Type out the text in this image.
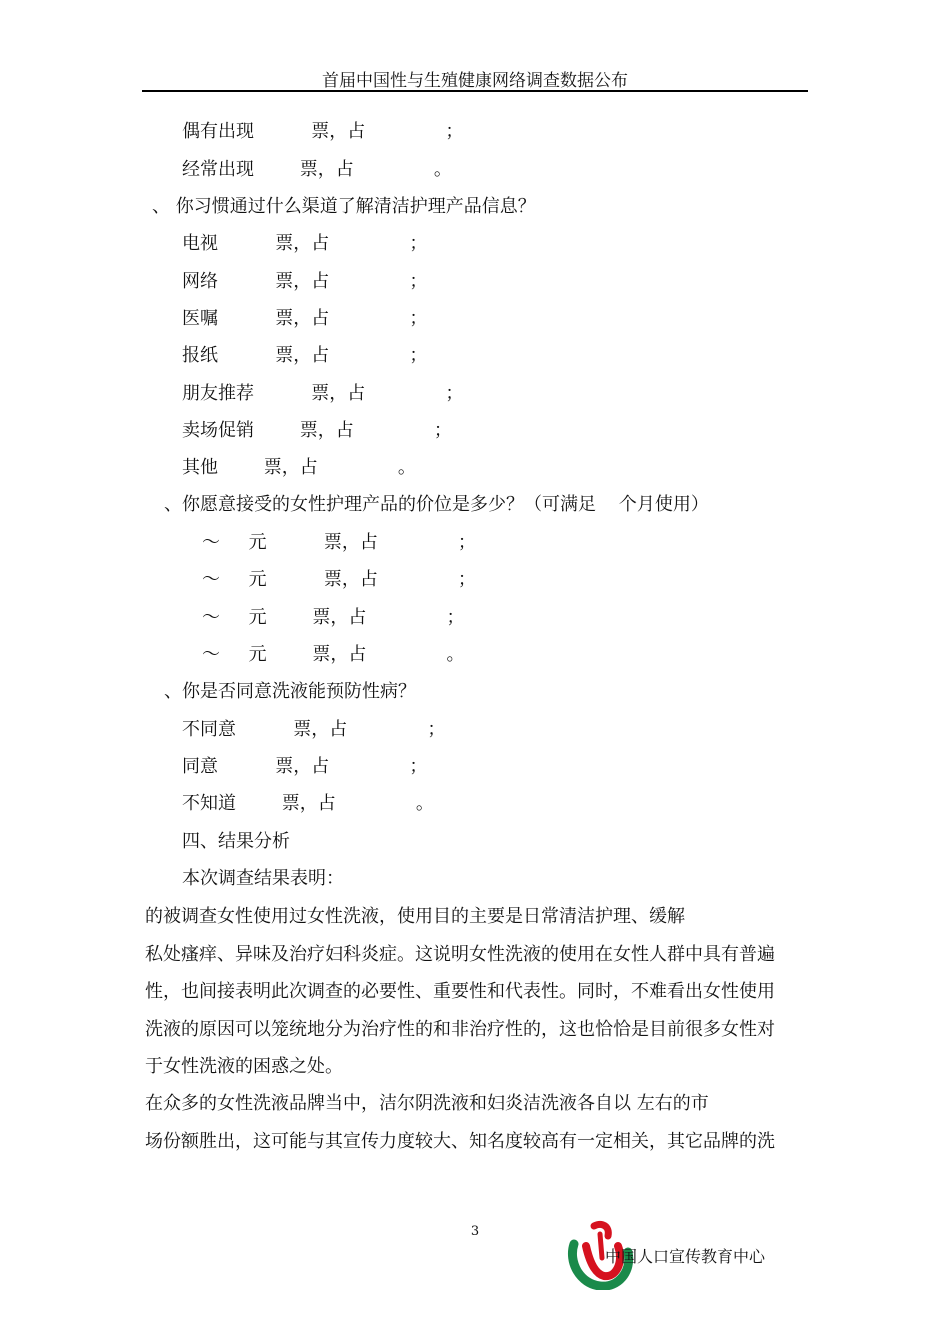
首届中国性与生殖健康网络调查数据公布
偶有出现          票，占              ；
经常出现        票，占              。
、 你习惯通过什么渠道了解清洁护理产品信息？
电视          票，占              ；
网络          票，占              ；
医嘱          票，占              ；
报纸          票，占              ；
朋友推荐          票，占              ；
卖场促销        票，占              ；
其他        票，占              。
、你愿意接受的女性护理产品的价位是多少？（可满足    个月使用）
～     元          票，占              ；
～     元          票，占              ；
～     元        票，占              ；
～     元        票，占              。
、你是否同意洗液能预防性病？
不同意          票，占              ；
同意          票，占              ；
不知道        票，占              。
四、结果分析
本次调查结果表明：
的被调查女性使用过女性洗液，使用目的主要是日常清洁护理、缓解
私处瘙痒、异味及治疗妇科炎症。这说明女性洗液的使用在女性人群中具有普遍
性，也间接表明此次调查的必要性、重要性和代表性。同时，不难看出女性使用
洗液的原因可以笼统地分为治疗性的和非治疗性的，这也恰恰是目前很多女性对
于女性洗液的困惑之处。
在众多的女性洗液品牌当中，洁尔阴洗液和妇炎洁洗液各自以 左右的市
场份额胜出，这可能与其宣传力度较大、知名度较高有一定相关，其它品牌的洗
3
中国人口宣传教育中心
